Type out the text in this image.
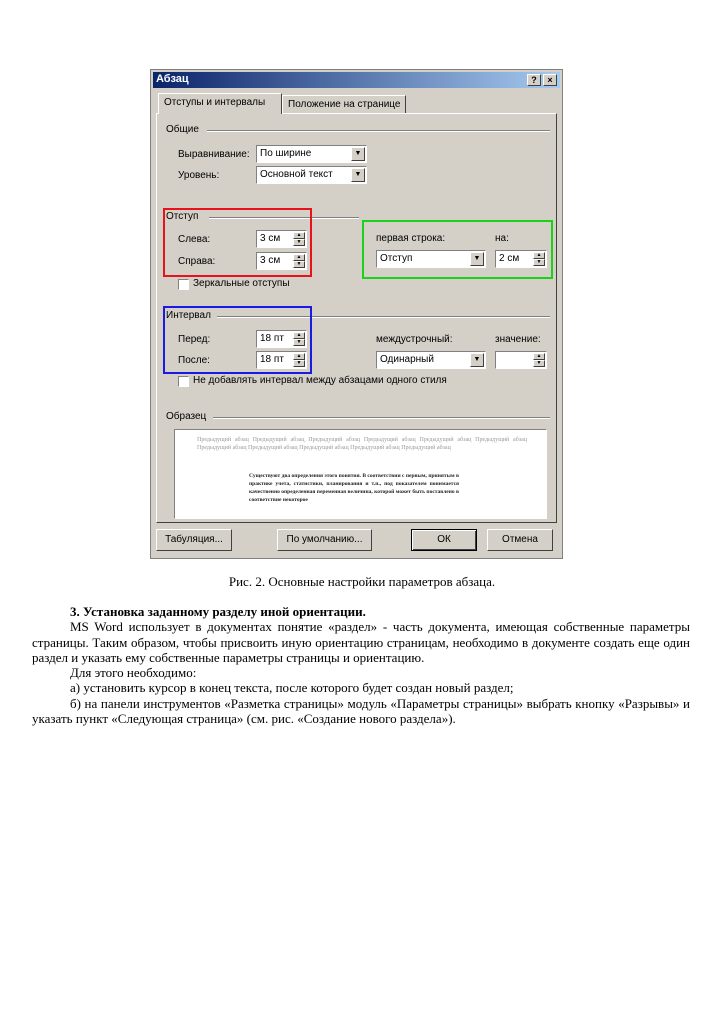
Абзац	?	×
Общие
Выравнивание: По ширине	▼
Уровень:	Основной текст	▼
Отступ
Слева:	3 см	▲
▼
Справа:	3 см	▲
▼
первая строка:
Отступ	▼
на:
2 см	▲
▼
Зеркальные отступы
Интервал
Перед:	18 пт	▲
▼
После:	18 пт	▲
▼
междустрочный:
Одинарный	▼
значение:
▲
▼
Не добавлять интервал между абзацами одного стиля
Образец
Предыдущий абзац Предыдущий абзац Предыдущий абзац Предыдущий абзац Предыдущий абзац Предыдущий абзац Предыдущий абзац Предыдущий абзац Предыдущий абзац Предыдущий абзац Предыдущий абзац
Существуют два определения этого понятия. В соответствии с первым, принятым в практике учета, статистики, планирования и т.п., под показателем понимается качественно определенная переменная величина, которой может быть поставлено в соответствие некоторое
Табуляция...	По умолчанию...	ОК	Отмена
Отступы и интервалы	Положение на странице
Рис. 2. Основные настройки параметров абзаца.

3. Установка заданному разделу иной ориентации.

MS Word использует в документах понятие «раздел» - часть документа, имеющая собственные параметры страницы. Таким образом, чтобы присвоить иную ориентацию страницам, необходимо в документе создать еще один раздел и указать ему собственные параметры страницы и ориентацию.

Для этого необходимо:

а) установить курсор в конец текста, после которого будет создан новый раздел;

б) на панели инструментов «Разметка страницы» модуль «Параметры страницы» выбрать кнопку «Разрывы» и указать пункт «Следующая страница» (см. рис. «Создание нового раздела»).
